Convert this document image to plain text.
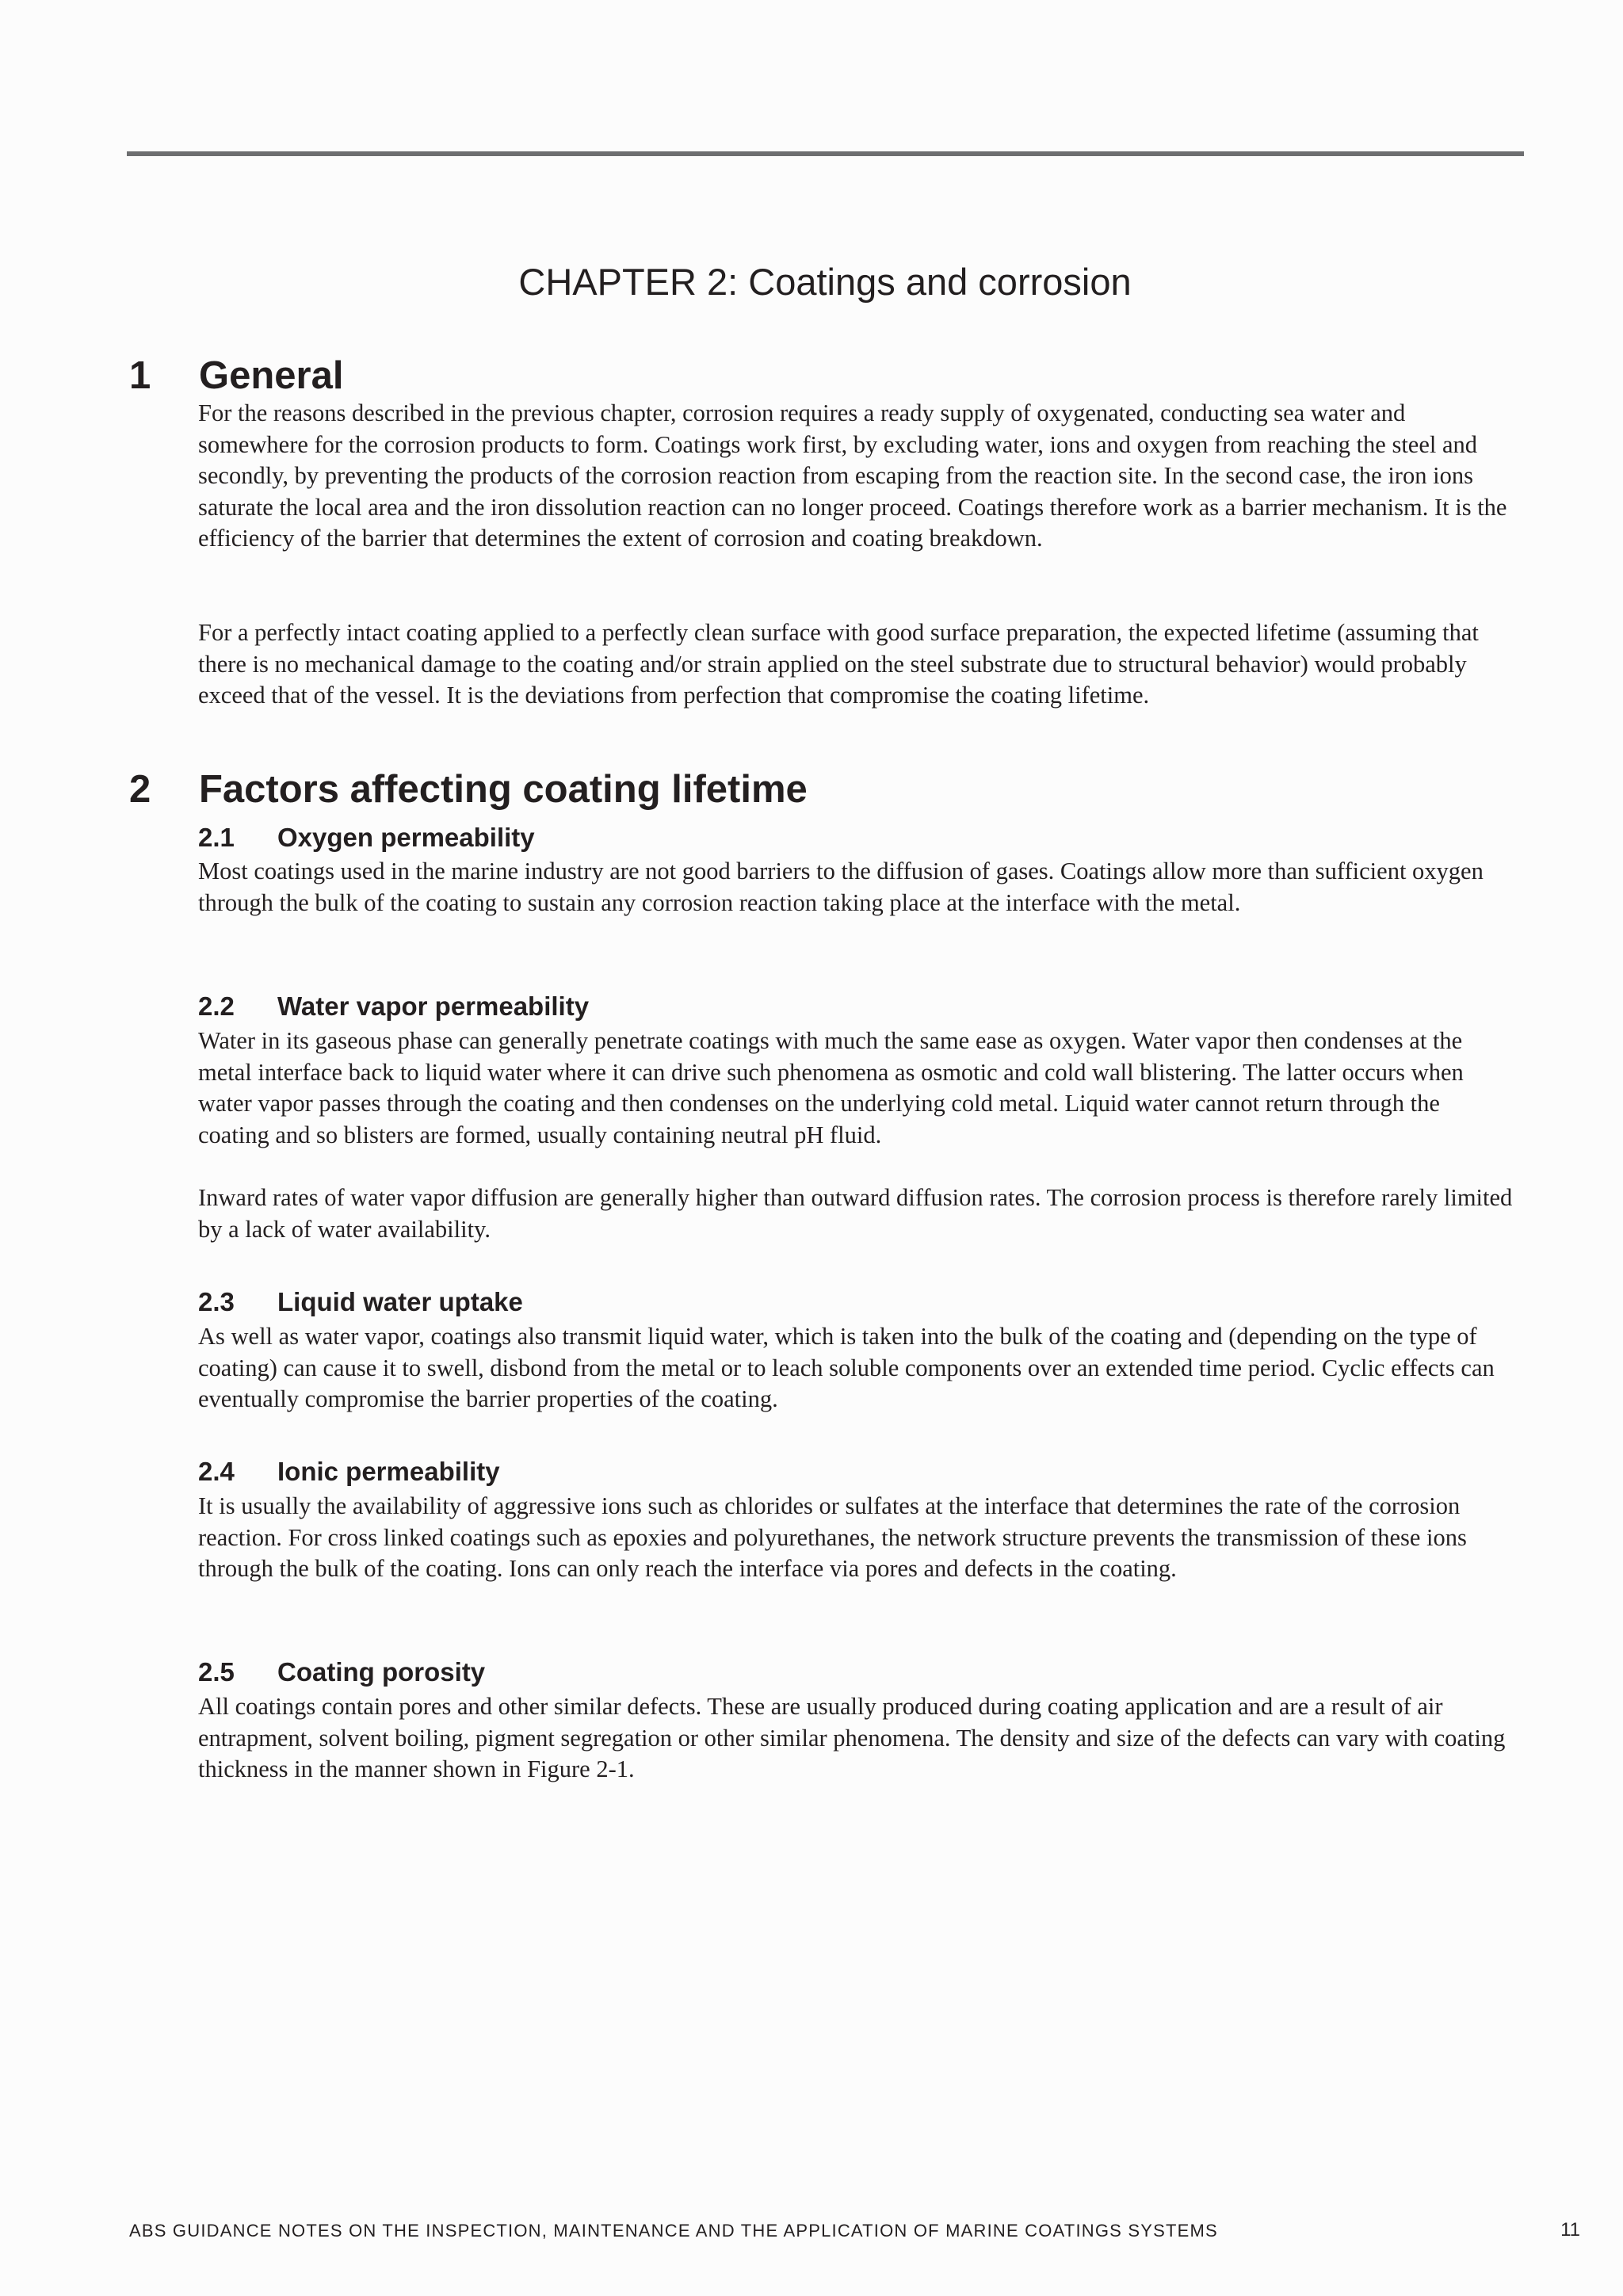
CHAPTER 2: Coatings and corrosion
1 General

For the reasons described in the previous chapter, corrosion requires a ready supply of oxygenated, conducting sea water and somewhere for the corrosion products to form. Coatings work first, by excluding water, ions and oxygen from reaching the steel and secondly, by preventing the products of the corrosion reaction from escaping from the reaction site. In the second case, the iron ions saturate the local area and the iron dissolution reaction can no longer proceed. Coatings therefore work as a barrier mechanism. It is the efficiency of the barrier that determines the extent of corrosion and coating breakdown.

For a perfectly intact coating applied to a perfectly clean surface with good surface preparation, the expected lifetime (assuming that there is no mechanical damage to the coating and/or strain applied on the steel substrate due to structural behavior) would probably exceed that of the vessel. It is the deviations from perfection that compromise the coating lifetime.

2 Factors affecting coating lifetime
2.1 Oxygen permeability

Most coatings used in the marine industry are not good barriers to the diffusion of gases. Coatings allow more than sufficient oxygen through the bulk of the coating to sustain any corrosion reaction taking place at the interface with the metal.

2.2 Water vapor permeability

Water in its gaseous phase can generally penetrate coatings with much the same ease as oxygen. Water vapor then condenses at the metal interface back to liquid water where it can drive such phenomena as osmotic and cold wall blistering. The latter occurs when water vapor passes through the coating and then condenses on the underlying cold metal. Liquid water cannot return through the coating and so blisters are formed, usually containing neutral pH fluid.

Inward rates of water vapor diffusion are generally higher than outward diffusion rates. The corrosion process is therefore rarely limited by a lack of water availability.

2.3 Liquid water uptake

As well as water vapor, coatings also transmit liquid water, which is taken into the bulk of the coating and (depending on the type of coating) can cause it to swell, disbond from the metal or to leach soluble components over an extended time period. Cyclic effects can eventually compromise the barrier properties of the coating.

2.4 Ionic permeability

It is usually the availability of aggressive ions such as chlorides or sulfates at the interface that determines the rate of the corrosion reaction. For cross linked coatings such as epoxies and polyurethanes, the network structure prevents the transmission of these ions through the bulk of the coating. Ions can only reach the interface via pores and defects in the coating.

2.5 Coating porosity

All coatings contain pores and other similar defects. These are usually produced during coating application and are a result of air entrapment, solvent boiling, pigment segregation or other similar phenomena. The density and size of the defects can vary with coating thickness in the manner shown in Figure 2-1.

ABS GUIDANCE NOTES ON THE INSPECTION, MAINTENANCE AND THE APPLICATION OF MARINE COATINGS SYSTEMS	11
